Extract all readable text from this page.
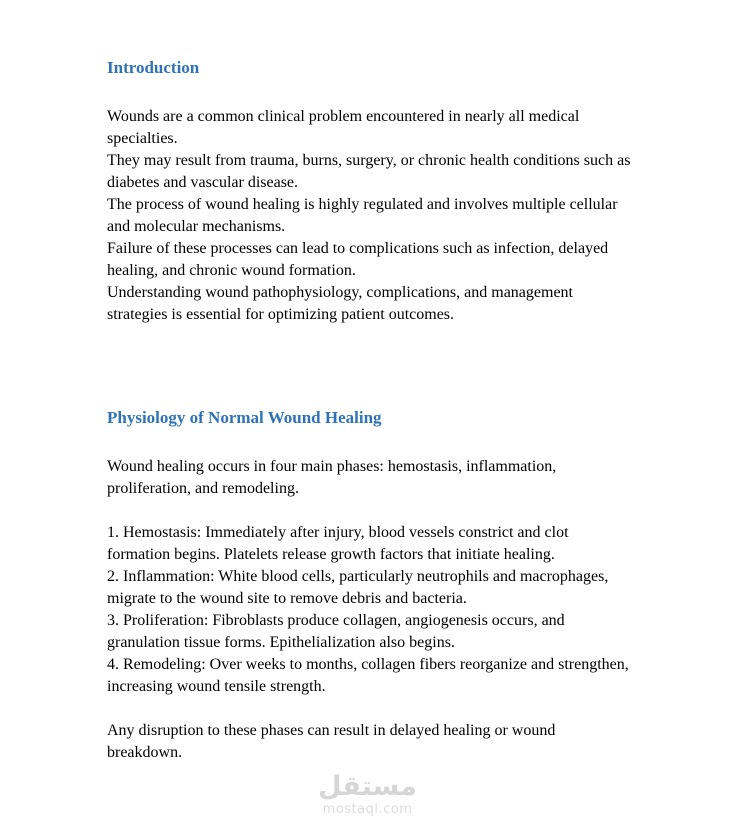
Introduction

Wounds are a common clinical problem encountered in nearly all medical specialties.

They may result from trauma, burns, surgery, or chronic health conditions such as diabetes and vascular disease.

The process of wound healing is highly regulated and involves multiple cellular and molecular mechanisms.

Failure of these processes can lead to complications such as infection, delayed healing, and chronic wound formation.

Understanding wound pathophysiology, complications, and management strategies is essential for optimizing patient outcomes.

Physiology of Normal Wound Healing

Wound healing occurs in four main phases: hemostasis, inflammation, proliferation, and remodeling.

1. Hemostasis: Immediately after injury, blood vessels constrict and clot formation begins. Platelets release growth factors that initiate healing.

2. Inflammation: White blood cells, particularly neutrophils and macrophages, migrate to the wound site to remove debris and bacteria.

3. Proliferation: Fibroblasts produce collagen, angiogenesis occurs, and granulation tissue forms. Epithelialization also begins.

4. Remodeling: Over weeks to months, collagen fibers reorganize and strengthen, increasing wound tensile strength.

Any disruption to these phases can result in delayed healing or wound breakdown.

مستقل
mostaql.com
